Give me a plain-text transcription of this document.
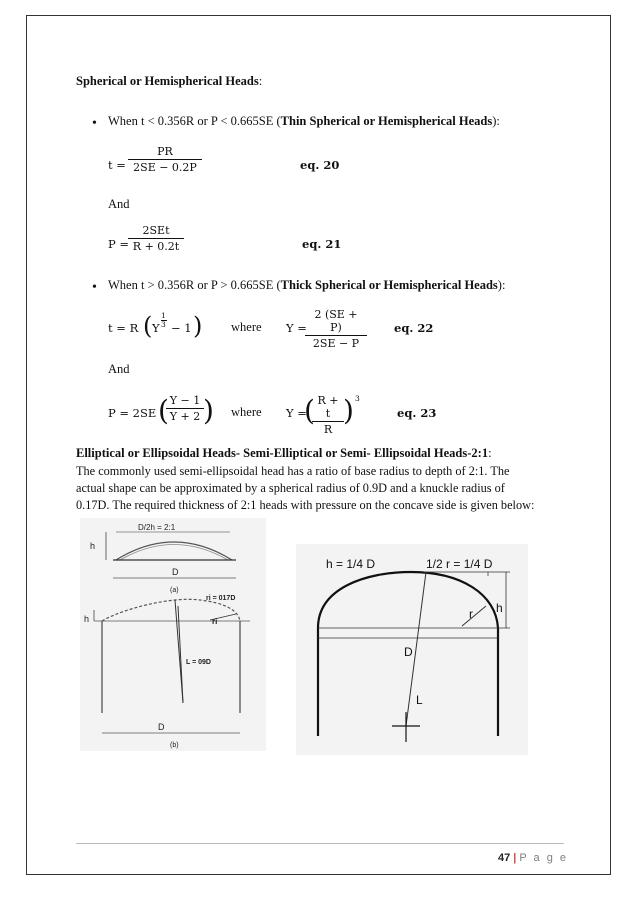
Spherical or Hemispherical Heads:
• When t < 0.356R or P < 0.665SE (Thin Spherical or Hemispherical Heads):
$t = \frac{PR}{2SE - 0.2P}$	eq. 20
And
P =
2SEt
R + 0.2t	eq. 21
• When t > 0.356R or P > 0.665SE (Thick Spherical or Hemispherical Heads):
t = R ( Y
1
3 − 1 ) where Y =
$\frac{2 (SE + P)}{2SE - P}$ eq. 22
And
P = 2SE (
$\frac{Y - 1}{Y + 2}$ ) where Y =
(
$\frac{R + t}{R}$ ) 3
eq. 23
Elliptical or Ellipsoidal Heads- Semi-Elliptical or Semi- Ellipsoidal Heads-2:1:
The commonly used semi-ellipsoidal head has a ratio of base radius to depth of 2:1. The
actual shape can be approximated by a spherical radius of 0.9D and a knuckle radius of
0.17D. The required thickness of 2:1 heads with pressure on the concave side is given below:
D/2h = 2:1
h
D
(a)
ri = 017D
h	ri
L = 09D
D
(b)
h = 1/4 D	1/2 r = 1/4 D
h
r
D
L
47 | P a g e
